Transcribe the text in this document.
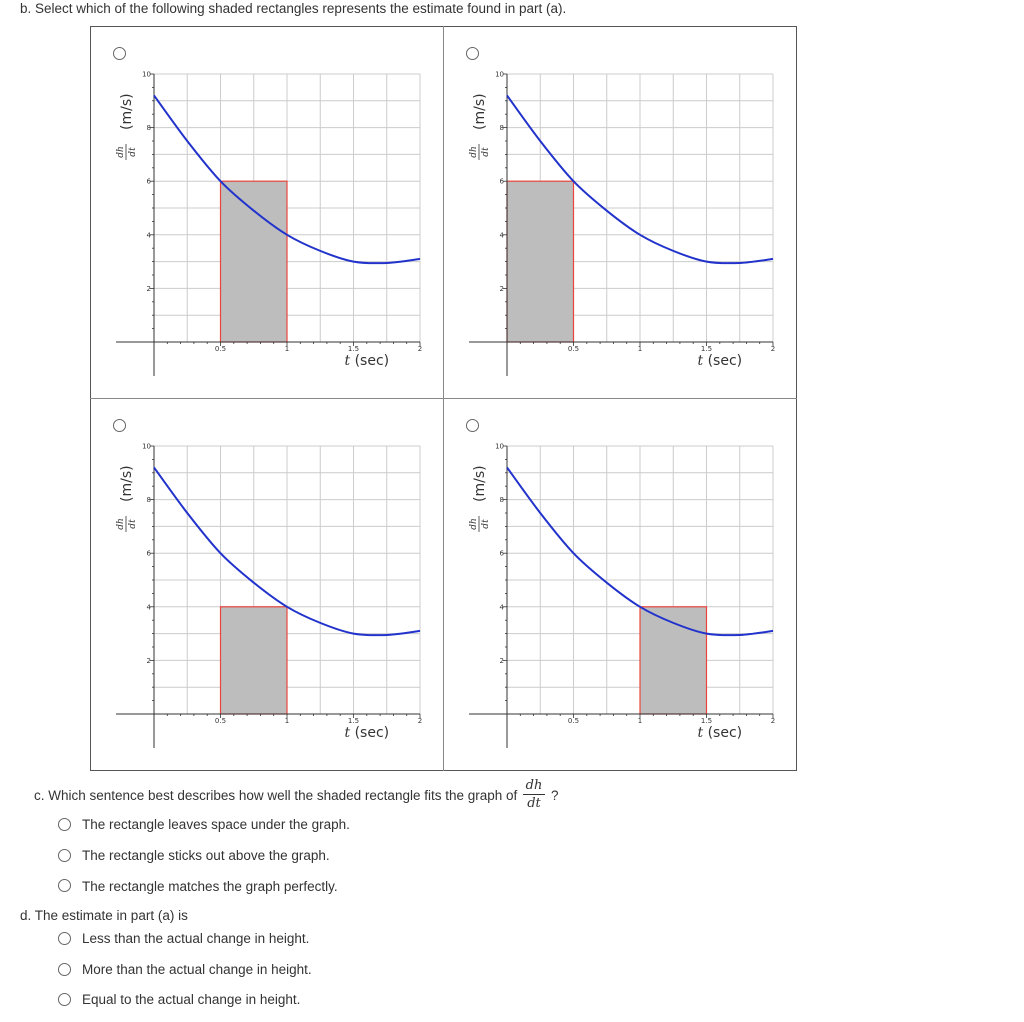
b. Select which of the following shaded rectangles represents the estimate found in part (a).
0.5	1	1.5	2
2
4
6
8
10
t (sec)
dh dt
(m/s)
0.5	1	1.5	2
2
4
6
8
10
t (sec)
dh dt
(m/s)
0.5	1	1.5	2
2
4
6
8
10
t (sec)
dh dt
(m/s)
0.5	1	1.5	2
2
4
6
8
10
t (sec)
dh dt
(m/s)
c. Which sentence best describes how well the shaded rectangle fits the graph of
dh
dt
?
The rectangle leaves space under the graph.
The rectangle sticks out above the graph.
The rectangle matches the graph perfectly.
d. The estimate in part (a) is
Less than the actual change in height.
More than the actual change in height.
Equal to the actual change in height.
